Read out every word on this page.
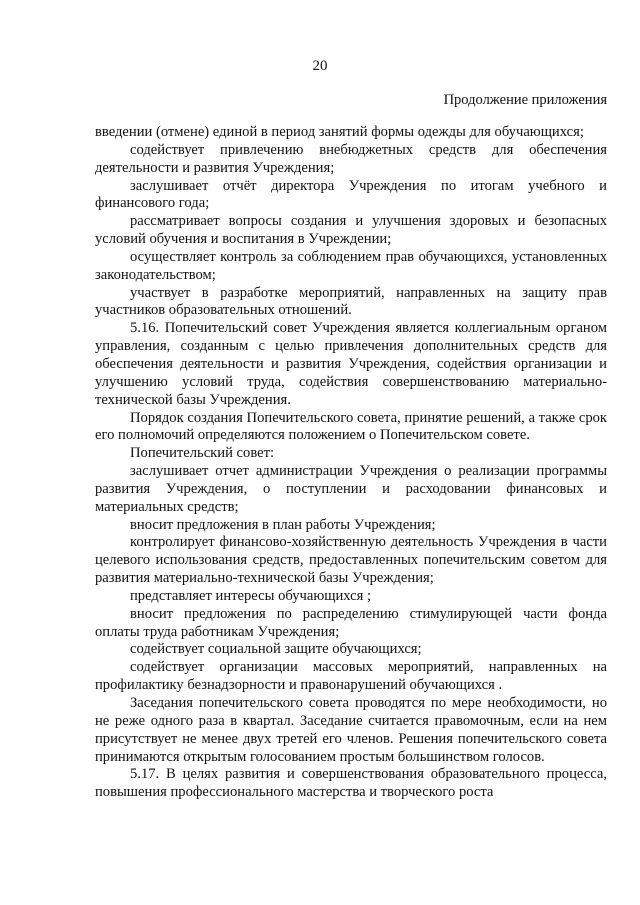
20
Продолжение приложения

введении (отмене) единой в период занятий формы одежды для обучающихся;

содействует привлечению внебюджетных средств для обеспечения деятельности и развития Учреждения;

заслушивает отчёт директора Учреждения по итогам учебного и финансового года;

рассматривает вопросы создания и улучшения здоровых и безопасных условий обучения и воспитания в Учреждении;

осуществляет контроль за соблюдением прав обучающихся, установленных законодательством;

участвует в разработке мероприятий, направленных на защиту прав участников образовательных отношений.

5.16. Попечительский совет Учреждения является коллегиальным органом управления, созданным с целью привлечения дополнительных средств для обеспечения деятельности и развития Учреждения, содействия организации и улучшению условий труда, содействия совершенствованию материально-технической базы Учреждения.

Порядок создания Попечительского совета, принятие решений, а также срок его полномочий определяются положением о Попечительском совете.

Попечительский совет:

заслушивает отчет администрации Учреждения о реализации программы развития Учреждения, о поступлении и расходовании финансовых и материальных средств;

вносит предложения в план работы Учреждения;

контролирует финансово-хозяйственную деятельность Учреждения в части целевого использования средств, предоставленных попечительским советом для развития материально-технической базы Учреждения;

представляет интересы обучающихся ;

вносит предложения по распределению стимулирующей части фонда оплаты труда работникам Учреждения;

содействует социальной защите обучающихся;

содействует организации массовых мероприятий, направленных на профилактику безнадзорности и правонарушений обучающихся .

Заседания попечительского совета проводятся по мере необходимости, но не реже одного раза в квартал. Заседание считается правомочным, если на нем присутствует не менее двух третей его членов. Решения попечительского совета принимаются открытым голосованием простым большинством голосов.

5.17. В целях развития и совершенствования образовательного процесса, повышения профессионального мастерства и творческого роста
